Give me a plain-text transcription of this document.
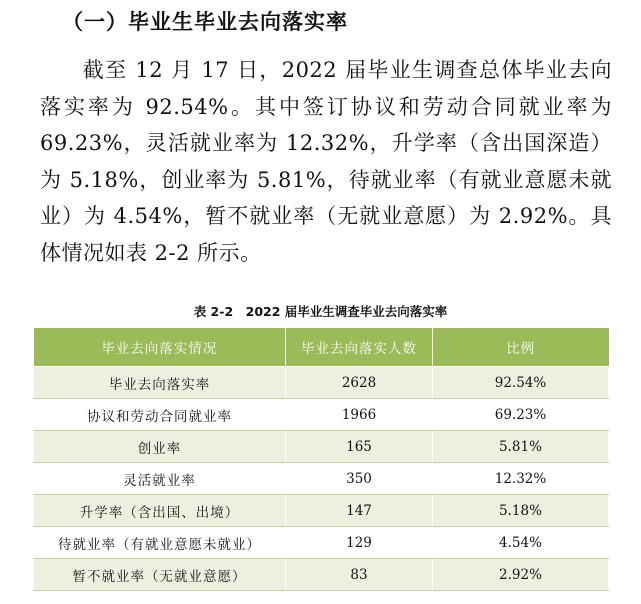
（一）毕业生毕业去向落实率
截至 12 月 17 日，2022 届毕业生调查总体毕业去向落实率为 92.54%。其中签订协议和劳动合同就业率为 69.23%，灵活就业率为 12.32%，升学率（含出国深造）为 5.18%，创业率为 5.81%，待就业率（有就业意愿未就业）为 4.54%，暂不就业率（无就业意愿）为 2.92%。具体情况如表 2-2 所示。
表 2-2　2022 届毕业生调查毕业去向落实率
毕业去向落实情况	毕业去向落实人数	比例
毕业去向落实率	2628	92.54%
协议和劳动合同就业率	1966	69.23%
创业率	165	5.81%
灵活就业率	350	12.32%
升学率（含出国、出境）	147	5.18%
待就业率（有就业意愿未就业）	129	4.54%
暂不就业率（无就业意愿）	83	2.92%
